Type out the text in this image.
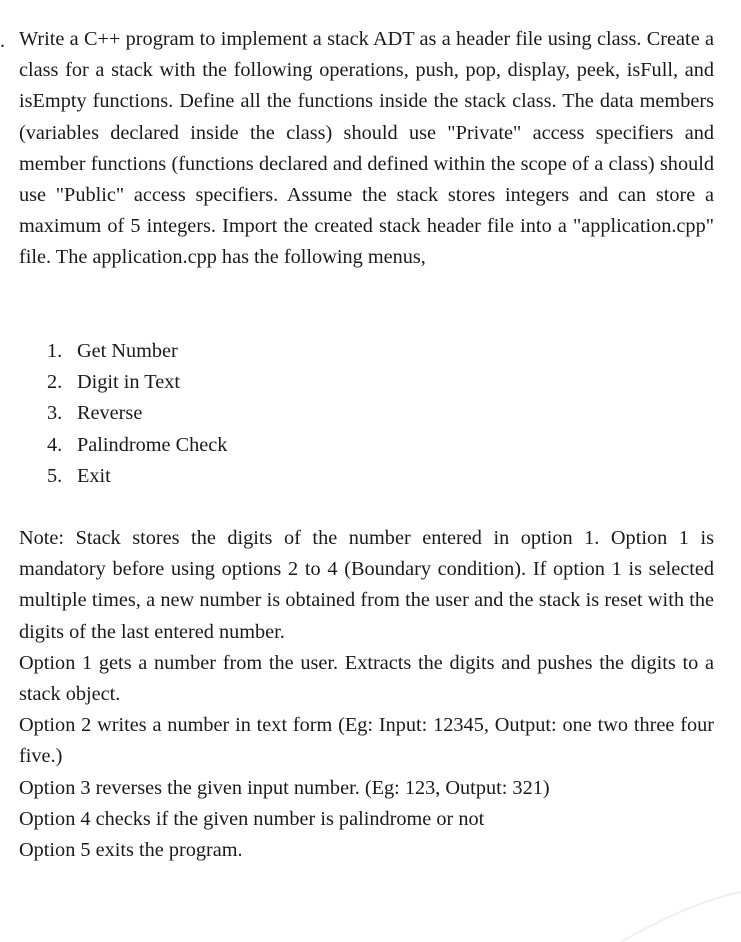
. Write a C++ program to implement a stack ADT as a header file using class. Create a class for a stack with the following operations, push, pop, display, peek, isFull, and isEmpty functions. Define all the functions inside the stack class. The data members (variables declared inside the class) should use "Private" access specifiers and member functions (functions declared and defined within the scope of a class) should use "Public" access specifiers. Assume the stack stores integers and can store a maximum of 5 integers. Import the created stack header file into a "application.cpp" file. The application.cpp has the following menus,

1. Get Number
2. Digit in Text
3. Reverse
4. Palindrome Check
5. Exit

Note: Stack stores the digits of the number entered in option 1. Option 1 is mandatory before using options 2 to 4 (Boundary condition). If option 1 is selected multiple times, a new number is obtained from the user and the stack is reset with the digits of the last entered number.

Option 1 gets a number from the user. Extracts the digits and pushes the digits to a stack object.

Option 2 writes a number in text form (Eg: Input: 12345, Output: one two three four five.)

Option 3 reverses the given input number. (Eg: 123, Output: 321)

Option 4 checks if the given number is palindrome or not

Option 5 exits the program.
